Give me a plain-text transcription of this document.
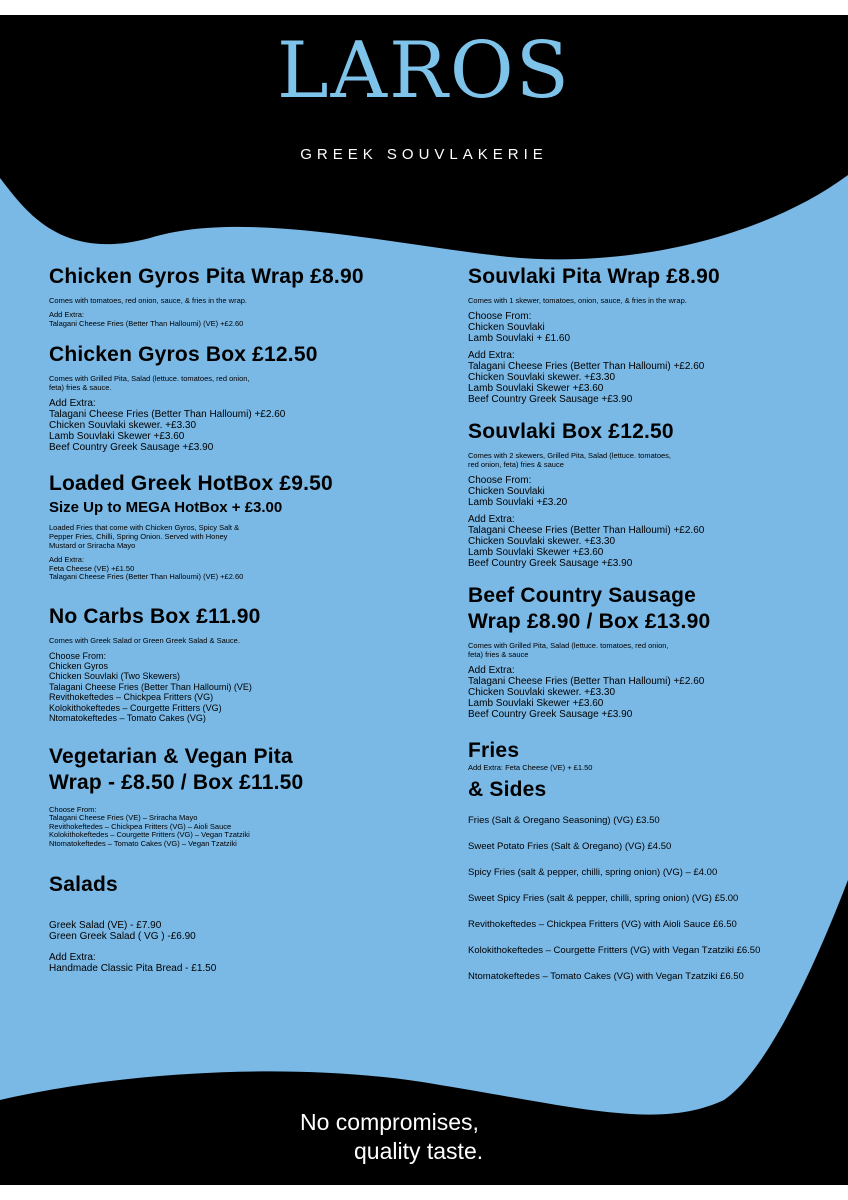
LAROS
GREEK SOUVLAKERIE
Chicken Gyros Pita Wrap £8.90

Comes with tomatoes, red onion, sauce, & fries in the wrap.

Add Extra:

Talagani Cheese Fries (Better Than Halloumi) (VE) +£2.60

Chicken Gyros Box £12.50

Comes with Grilled Pita, Salad (lettuce. tomatoes, red onion,
feta) fries & sauce.

Add Extra:

Talagani Cheese Fries (Better Than Halloumi) +£2.60

Chicken Souvlaki skewer. +£3.30

Lamb Souvlaki Skewer +£3.60

Beef Country Greek Sausage +£3.90

Loaded Greek HotBox £9.50

Size Up to MEGA HotBox + £3.00

Loaded Fries that come with Chicken Gyros, Spicy Salt &
Pepper Fries, Chilli, Spring Onion. Served with Honey
Mustard or Sriracha Mayo

Add Extra:

Feta Cheese (VE) +£1.50

Talagani Cheese Fries (Better Than Halloumi) (VE) +£2.60

No Carbs Box £11.90

Comes with Greek Salad or Green Greek Salad & Sauce.

Choose From:

Chicken Gyros

Chicken Souvlaki (Two Skewers)

Talagani Cheese Fries (Better Than Halloumi) (VE)

Revithokeftedes – Chickpea Fritters (VG)

Kolokithokeftedes – Courgette Fritters (VG)

Ntomatokeftedes – Tomato Cakes (VG)

Vegetarian & Vegan Pita
Wrap - £8.50 / Box £11.50

Choose From:

Talagani Cheese Fries (VE) – Sriracha Mayo

Revithokeftedes – Chickpea Fritters (VG) – Aioli Sauce

Kolokithokeftedes – Courgette Fritters (VG) – Vegan Tzatziki

Ntomatokeftedes – Tomato Cakes (VG) – Vegan Tzatziki

Salads

Greek Salad (VE) - £7.90

Green Greek Salad ( VG ) -£6.90

Add Extra:

Handmade Classic Pita Bread - £1.50

Souvlaki Pita Wrap £8.90

Comes with 1 skewer, tomatoes, onion, sauce, & fries in the wrap.

Choose From:

Chicken Souvlaki

Lamb Souvlaki + £1.60

Add Extra:

Talagani Cheese Fries (Better Than Halloumi) +£2.60

Chicken Souvlaki skewer. +£3.30

Lamb Souvlaki Skewer +£3.60

Beef Country Greek Sausage +£3.90

Souvlaki Box £12.50

Comes with 2 skewers, Grilled Pita, Salad (lettuce. tomatoes,
red onion, feta) fries & sauce

Choose From:

Chicken Souvlaki

Lamb Souvlaki +£3.20

Add Extra:

Talagani Cheese Fries (Better Than Halloumi) +£2.60

Chicken Souvlaki skewer. +£3.30

Lamb Souvlaki Skewer +£3.60

Beef Country Greek Sausage +£3.90

Beef Country Sausage
Wrap £8.90 / Box £13.90

Comes with Grilled Pita, Salad (lettuce. tomatoes, red onion,
feta) fries & sauce

Add Extra:

Talagani Cheese Fries (Better Than Halloumi) +£2.60

Chicken Souvlaki skewer. +£3.30

Lamb Souvlaki Skewer +£3.60

Beef Country Greek Sausage +£3.90

Fries

Add Extra: Feta Cheese (VE) + £1.50

& Sides

Fries (Salt & Oregano Seasoning) (VG) £3.50

Sweet Potato Fries (Salt & Oregano) (VG) £4.50

Spicy Fries (salt & pepper, chilli, spring onion) (VG) – £4.00

Sweet Spicy Fries (salt & pepper, chilli, spring onion) (VG) £5.00

Revithokeftedes – Chickpea Fritters (VG) with Aioli Sauce £6.50

Kolokithokeftedes – Courgette Fritters (VG) with Vegan Tzatziki £6.50

Ntomatokeftedes – Tomato Cakes (VG) with Vegan Tzatziki £6.50

No compromises,
quality taste.
